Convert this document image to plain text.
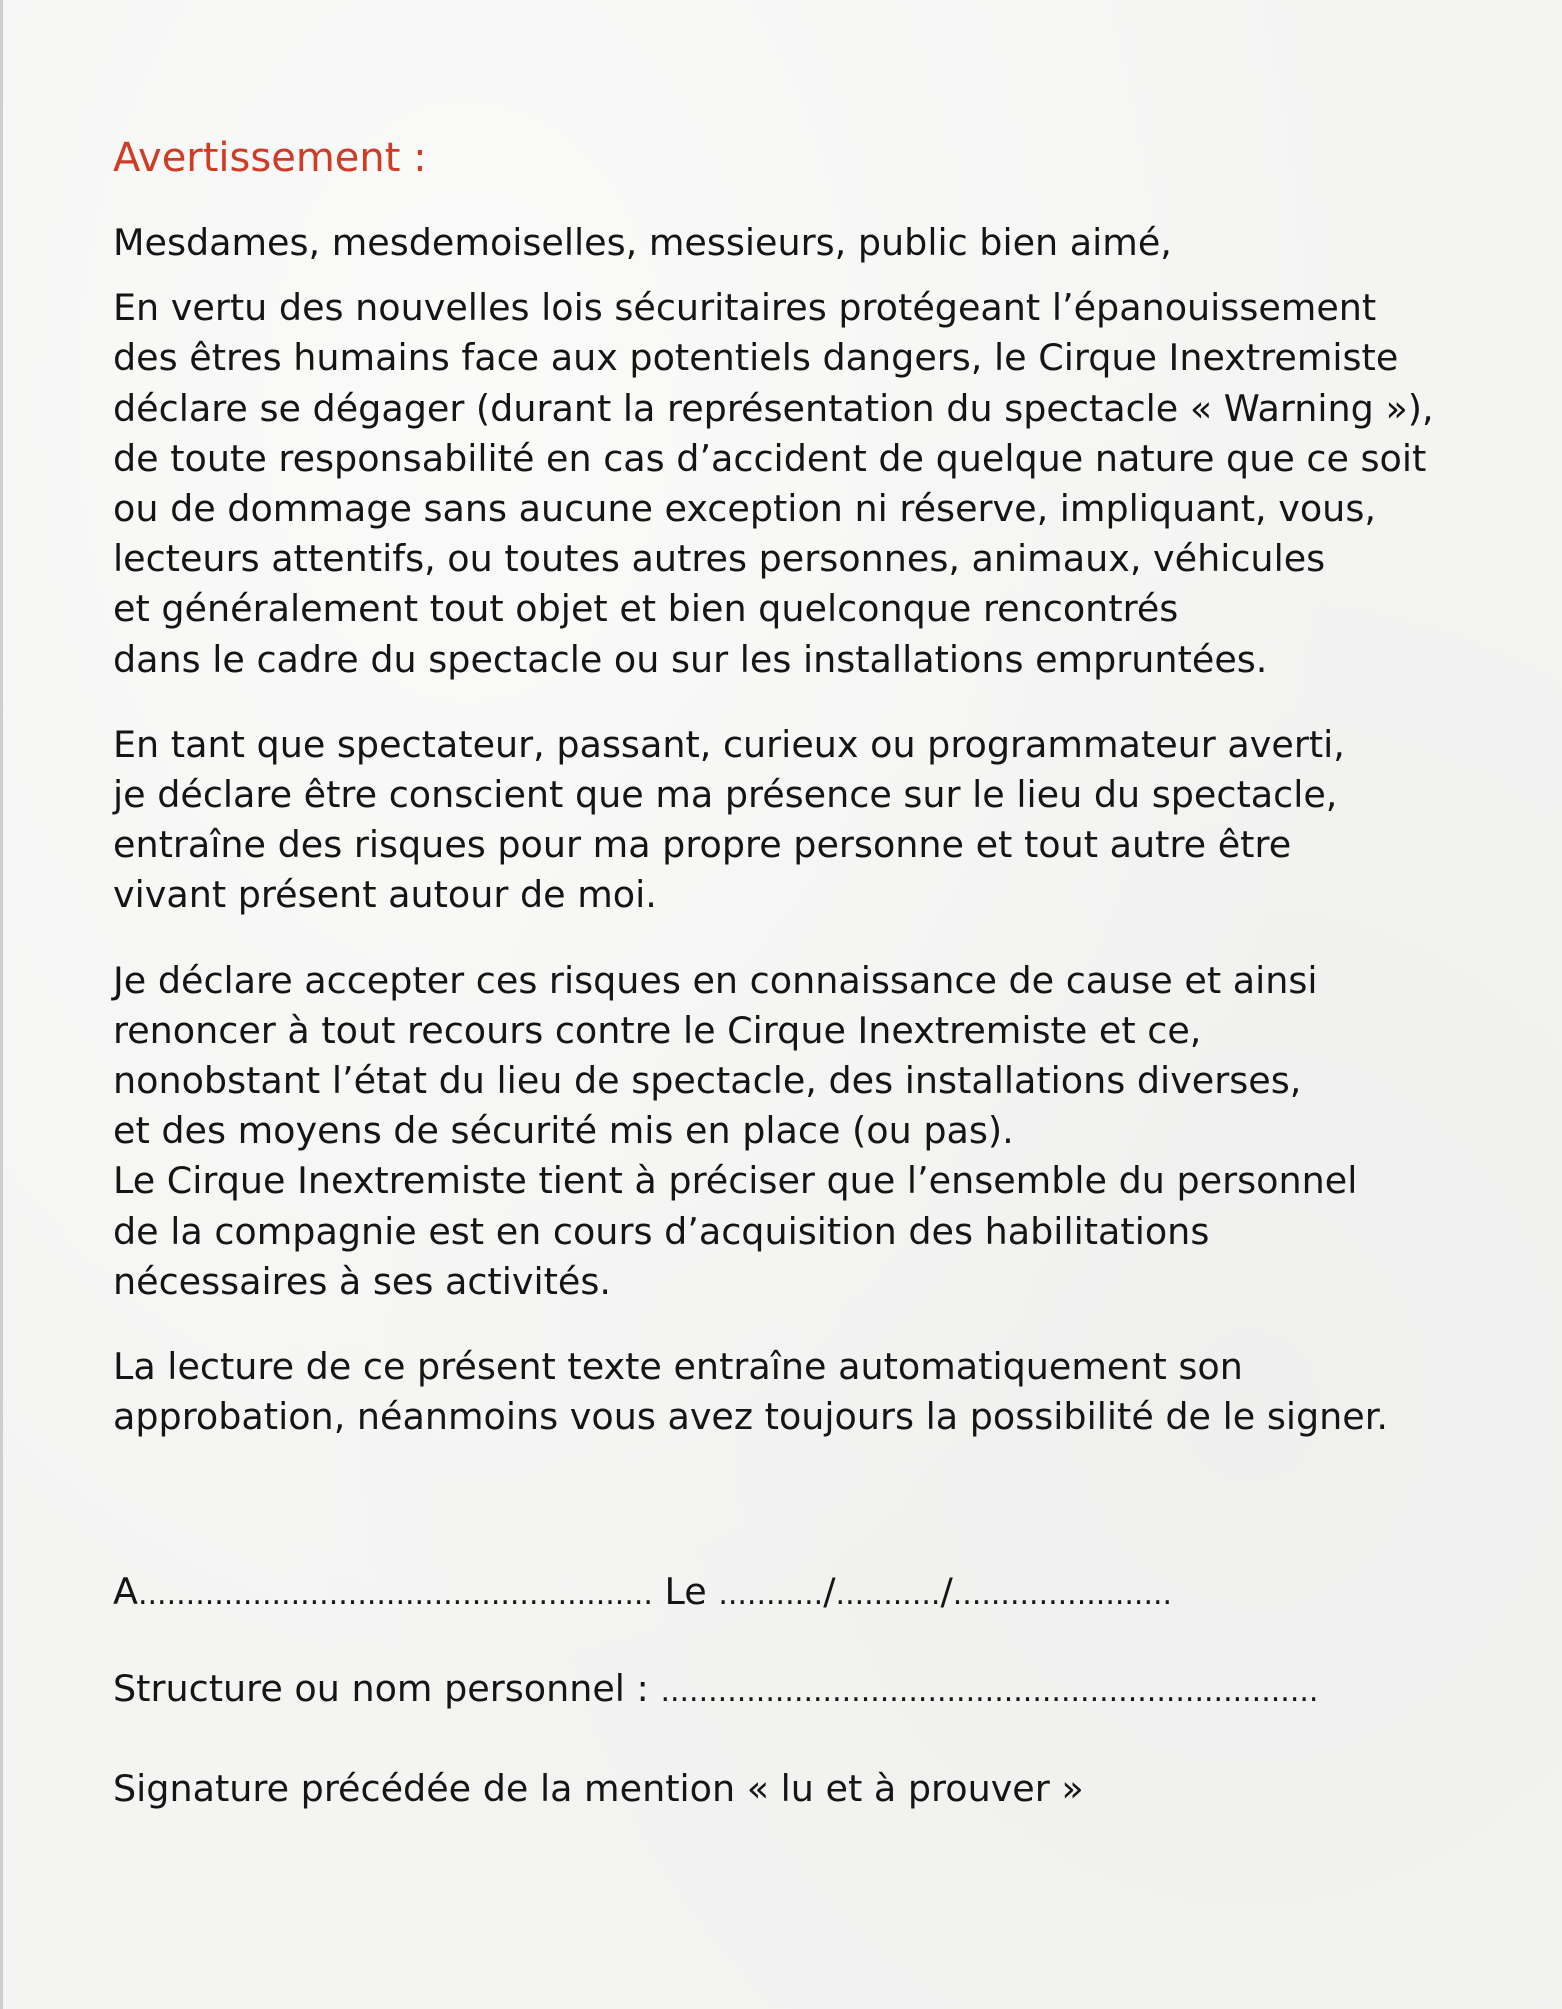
Avertissement :
Mesdames, mesdemoiselles, messieurs, public bien aimé,
En vertu des nouvelles lois sécuritaires protégeant l’épanouissement
des êtres humains face aux potentiels dangers, le Cirque Inextremiste
déclare se dégager (durant la représentation du spectacle « Warning »),
de toute responsabilité en cas d’accident de quelque nature que ce soit
ou de dommage sans aucune exception ni réserve, impliquant, vous,
lecteurs attentifs, ou toutes autres personnes, animaux, véhicules
et généralement tout objet et bien quelconque rencontrés
dans le cadre du spectacle ou sur les installations empruntées.
En tant que spectateur, passant, curieux ou programmateur averti,
je déclare être conscient que ma présence sur le lieu du spectacle,
entraîne des risques pour ma propre personne et tout autre être
vivant présent autour de moi.
Je déclare accepter ces risques en connaissance de cause et ainsi
renoncer à tout recours contre le Cirque Inextremiste et ce,
nonobstant l’état du lieu de spectacle, des installations diverses,
et des moyens de sécurité mis en place (ou pas).
Le Cirque Inextremiste tient à préciser que l’ensemble du personnel
de la compagnie est en cours d’acquisition des habilitations
nécessaires à ses activités.
La lecture de ce présent texte entraîne automatiquement son
approbation, néanmoins vous avez toujours la possibilité de le signer.
A...................................................... Le .........../.........../.......................
Structure ou nom personnel : .....................................................................
Signature précédée de la mention « lu et à prouver »
